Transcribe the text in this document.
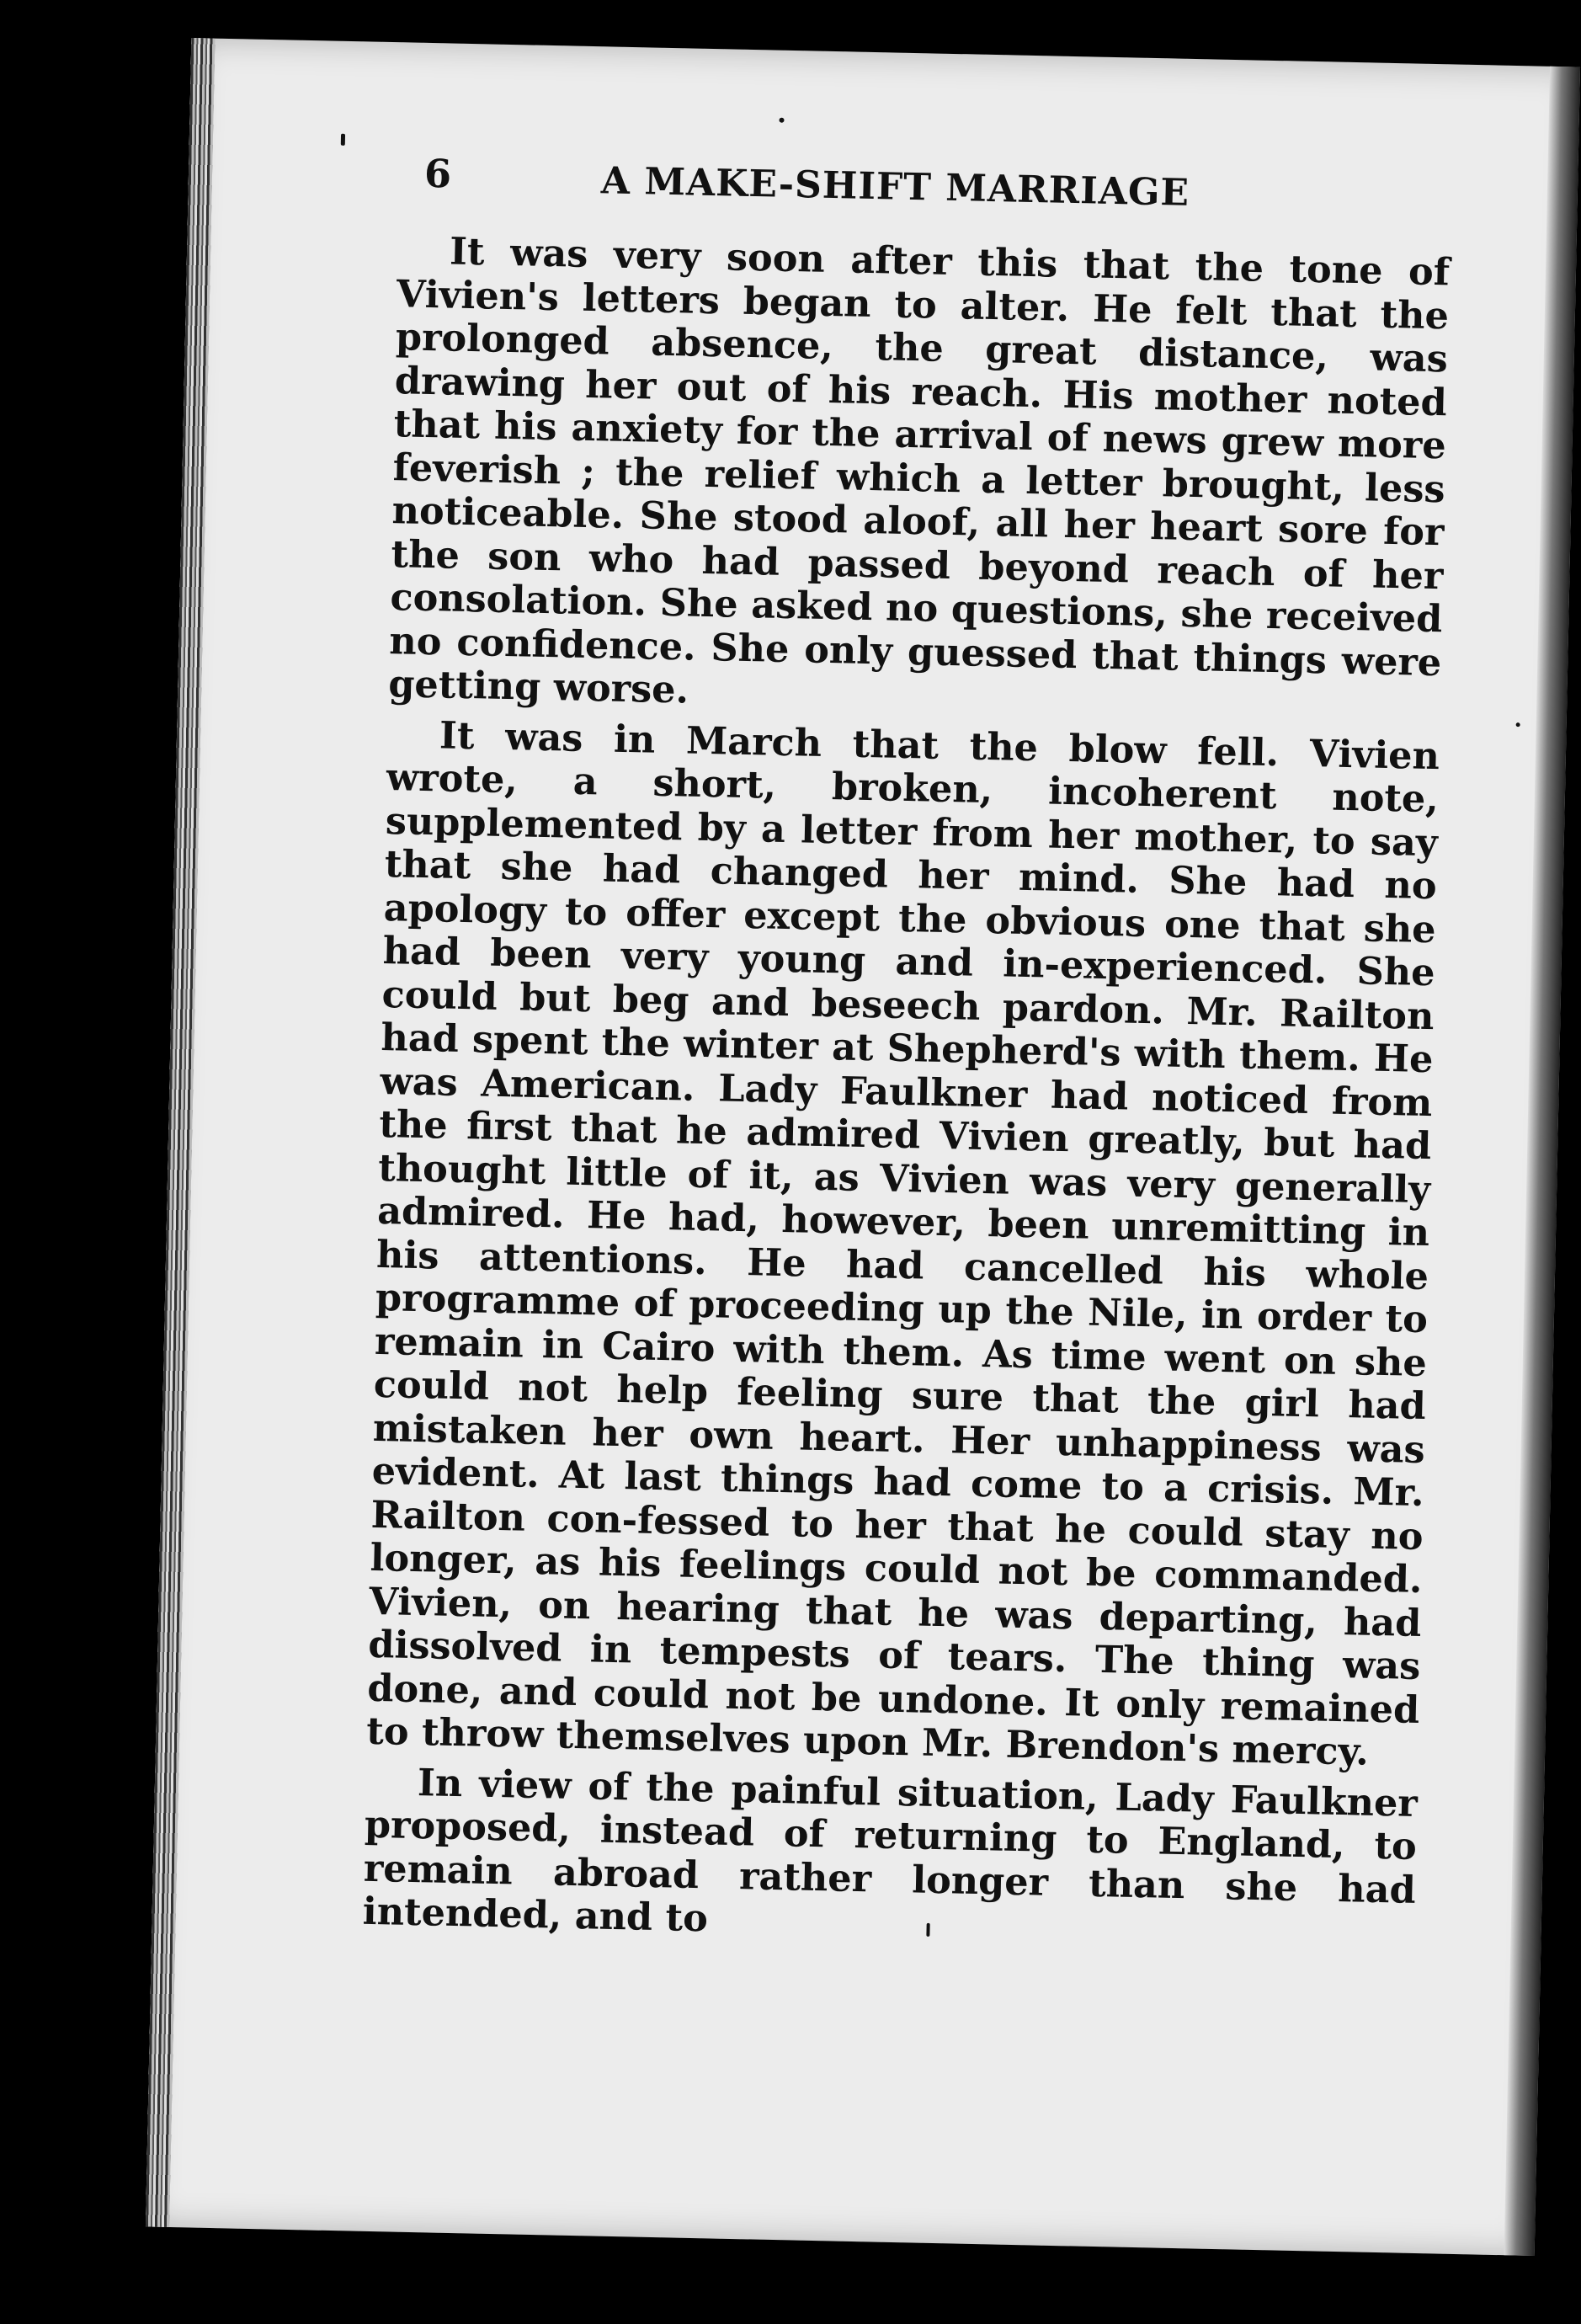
6	A MAKE-SHIFT MARRIAGE

It was very soon after this that the tone of Vivien's letters began to alter. He felt that the prolonged absence, the great distance, was drawing her out of his reach. His mother noted that his anxiety for the arrival of news grew more feverish ; the relief which a letter brought, less noticeable. She stood aloof, all her heart sore for the son who had passed beyond reach of her consolation. She asked no questions, she received no confidence. She only guessed that things were getting worse.

It was in March that the blow fell. Vivien wrote, a short, broken, incoherent note, supplemented by a letter from her mother, to say that she had changed her mind. She had no apology to offer except the obvious one that she had been very young and in-experienced. She could but beg and beseech pardon. Mr. Railton had spent the winter at Shepherd's with them. He was American. Lady Faulkner had noticed from the first that he admired Vivien greatly, but had thought little of it, as Vivien was very generally admired. He had, however, been unremitting in his attentions. He had cancelled his whole programme of proceeding up the Nile, in order to remain in Cairo with them. As time went on she could not help feeling sure that the girl had mistaken her own heart. Her unhappiness was evident. At last things had come to a crisis. Mr. Railton con-fessed to her that he could stay no longer, as his feelings could not be commanded. Vivien, on hearing that he was departing, had dissolved in tempests of tears. The thing was done, and could not be undone. It only remained to throw themselves upon Mr. Brendon's mercy.

In view of the painful situation, Lady Faulkner proposed, instead of returning to England, to remain abroad rather longer than she had intended, and to
